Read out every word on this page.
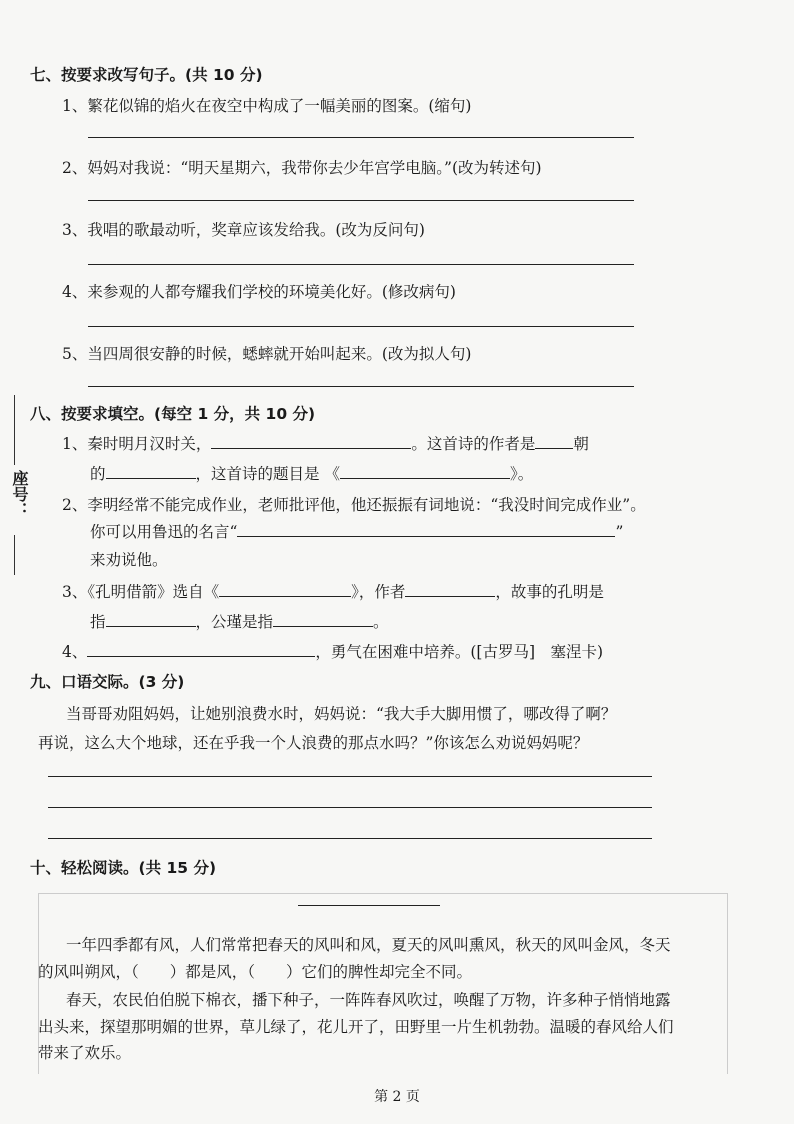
座号：
七、按要求改写句子。(共 10 分)
1、繁花似锦的焰火在夜空中构成了一幅美丽的图案。(缩句)
2、妈妈对我说：“明天星期六，我带你去少年宫学电脑。”(改为转述句)
3、我唱的歌最动听，奖章应该发给我。(改为反问句)
4、来参观的人都夸耀我们学校的环境美化好。(修改病句)
5、当四周很安静的时候，蟋蟀就开始叫起来。(改为拟人句)
八、按要求填空。(每空 1 分，共 10 分)
1、秦时明月汉时关，	。这首诗的作者是 朝
的	，这首诗的题目是 《	》。
2、李明经常不能完成作业，老师批评他，他还振振有词地说：“我没时间完成作业”。
你可以用鲁迅的名言“	”
来劝说他。
3、《孔明借箭》选自《	》，作者	，故事的孔明是
指	，公瑾是指	。
4、	，勇气在困难中培养。([古罗马]　塞涅卡)
九、口语交际。(3 分)
当哥哥劝阻妈妈，让她别浪费水时，妈妈说：“我大手大脚用惯了，哪改得了啊？
再说，这么大个地球，还在乎我一个人浪费的那点水吗？”你该怎么劝说妈妈呢？
十、轻松阅读。(共 15 分)
一年四季都有风，人们常常把春天的风叫和风，夏天的风叫熏风，秋天的风叫金风，冬天
的风叫朔风，（　　）都是风，（　　）它们的脾性却完全不同。
春天，农民伯伯脱下棉衣，播下种子，一阵阵春风吹过，唤醒了万物，许多种子悄悄地露
出头来，探望那明媚的世界，草儿绿了，花儿开了，田野里一片生机勃勃。温暖的春风给人们
带来了欢乐。
第 2 页
